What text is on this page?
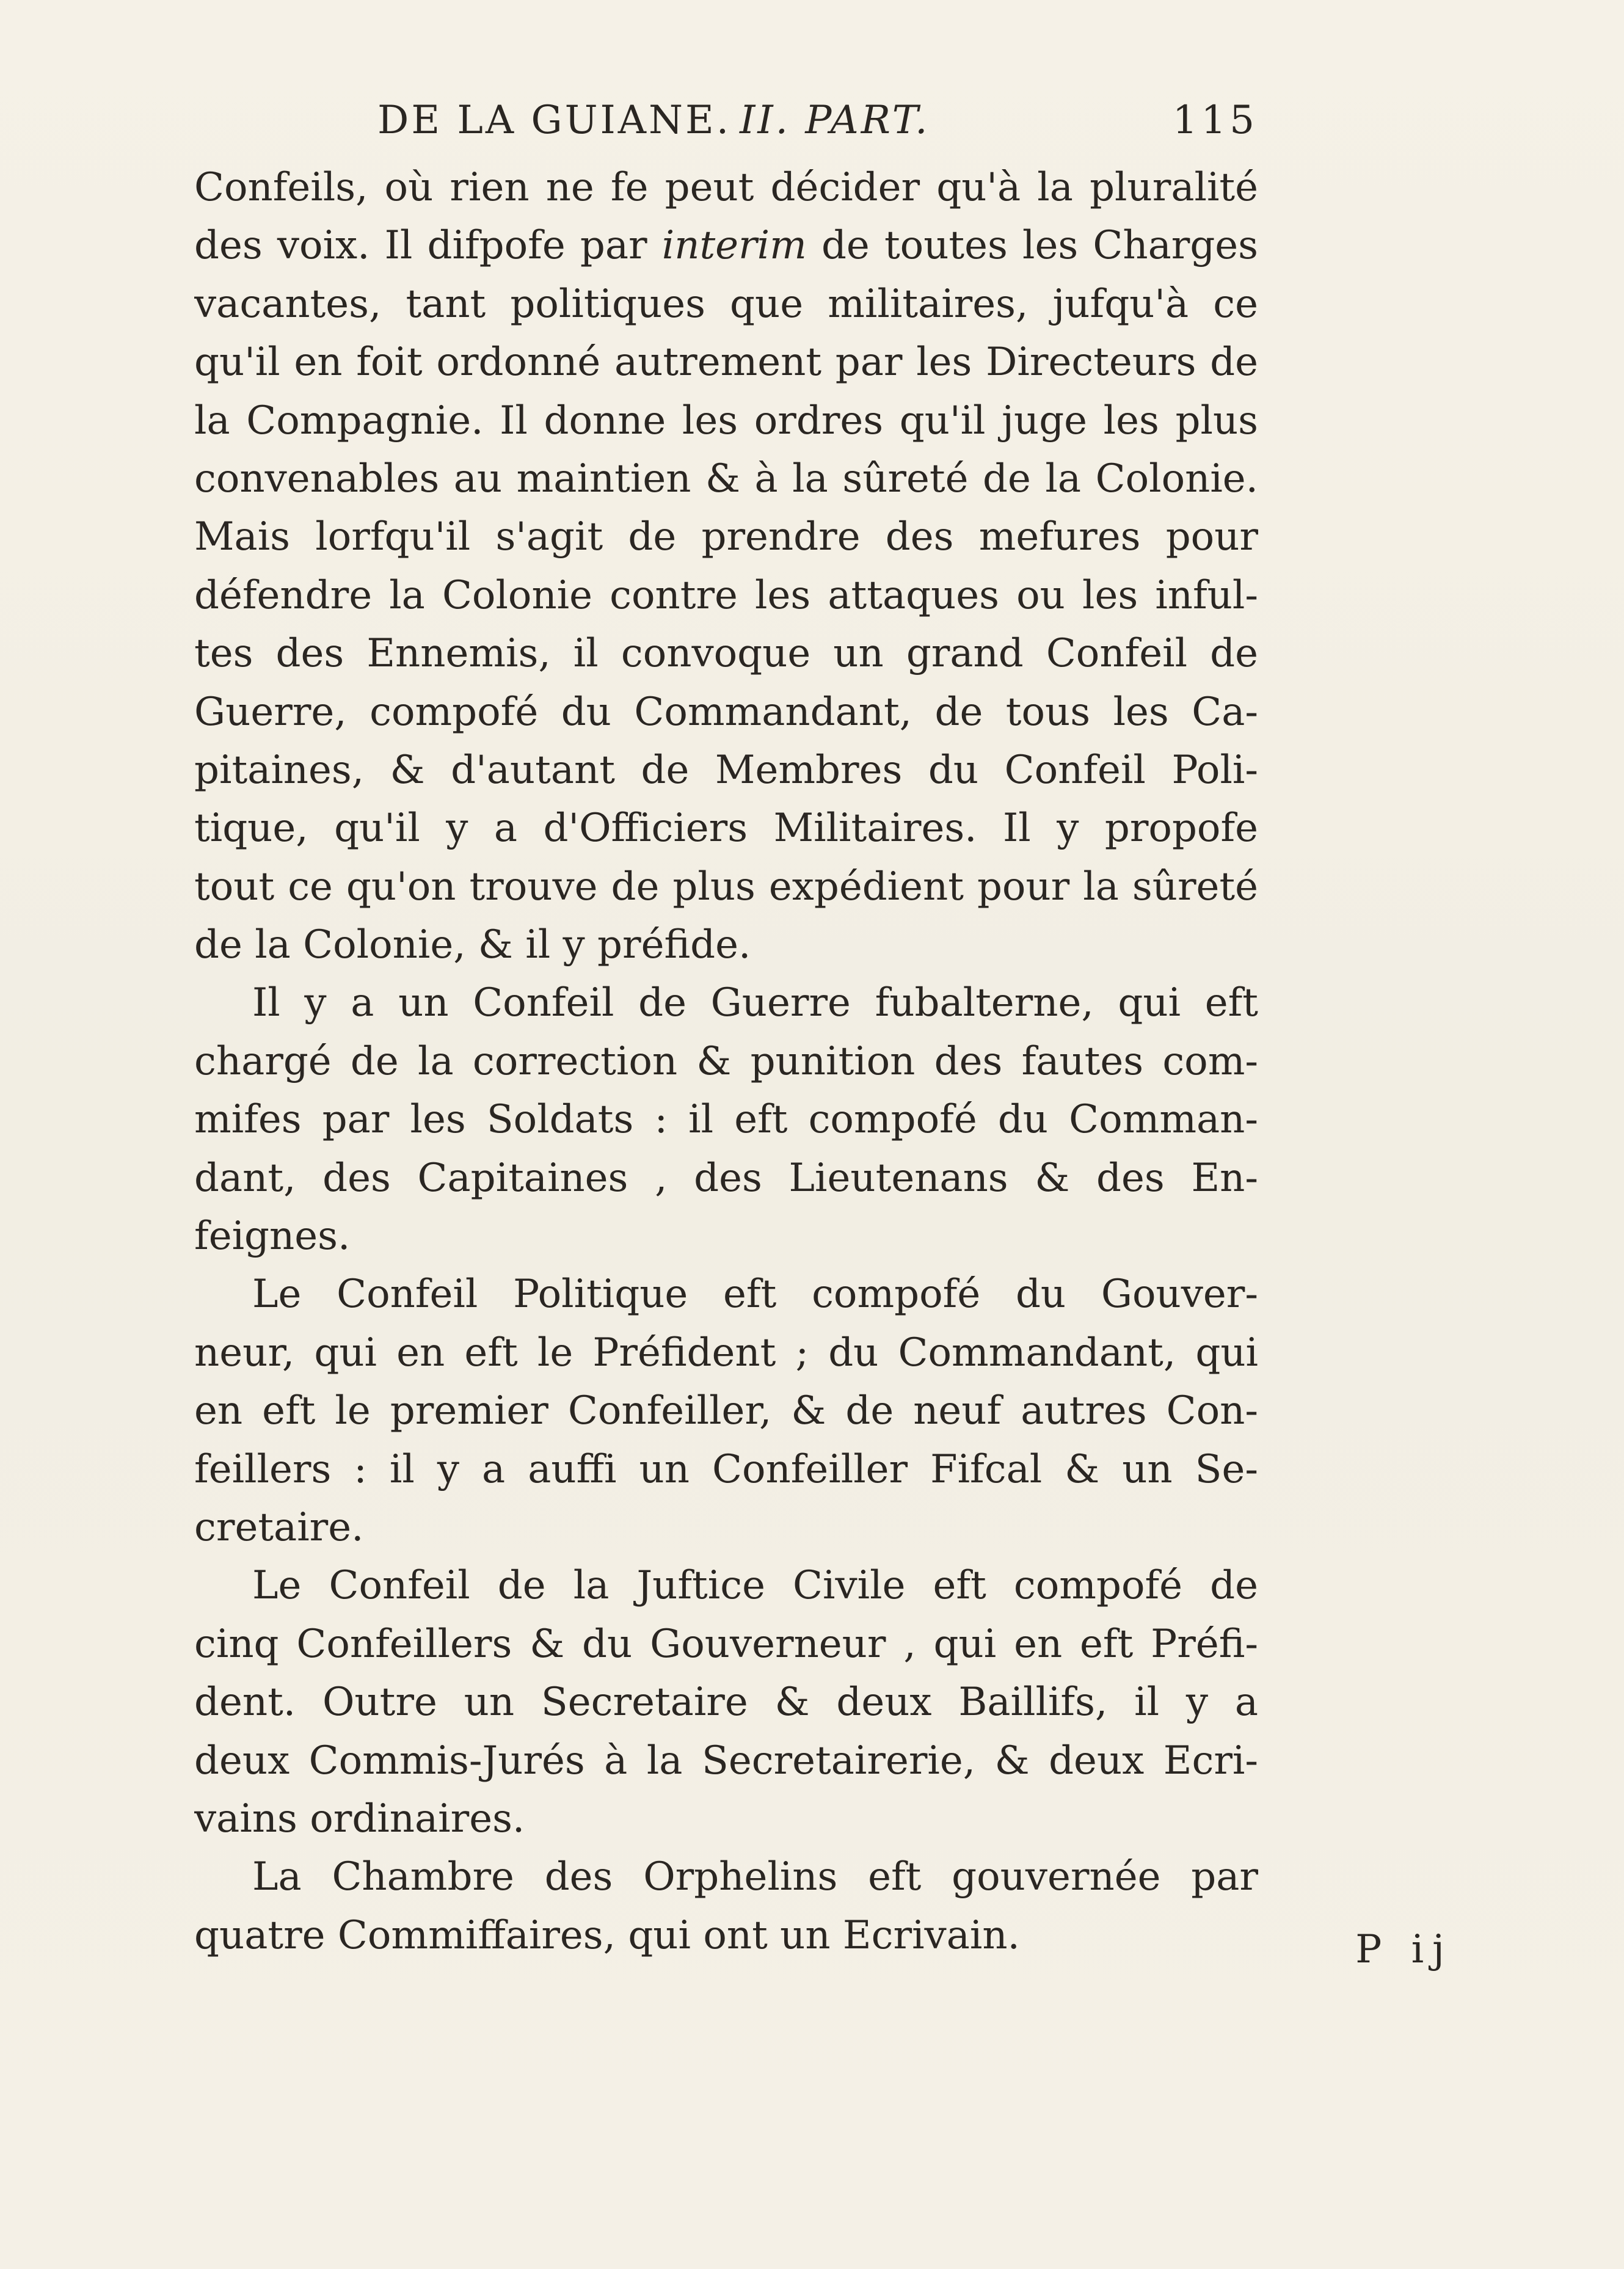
DE LA GUIANE. II. PART.	115
Confeils, où rien ne fe peut décider qu'à la pluralité
des voix. Il difpofe par interim de toutes les Charges
vacantes, tant politiques que militaires, jufqu'à ce
qu'il en foit ordonné autrement par les Directeurs de
la Compagnie. Il donne les ordres qu'il juge les plus
convenables au maintien & à la sûreté de la Colonie.
Mais lorfqu'il s'agit de prendre des mefures pour
défendre la Colonie contre les attaques ou les inful-
tes des Ennemis, il convoque un grand Confeil de
Guerre, compofé du Commandant, de tous les Ca-
pitaines, & d'autant de Membres du Confeil Poli-
tique, qu'il y a d'Officiers Militaires. Il y propofe
tout ce qu'on trouve de plus expédient pour la sûreté
de la Colonie, & il y préfide.
Il y a un Confeil de Guerre fubalterne, qui eft
chargé de la correction & punition des fautes com-
mifes par les Soldats : il eft compofé du Comman-
dant, des Capitaines , des Lieutenans & des En-
feignes.
Le Confeil Politique eft compofé du Gouver-
neur, qui en eft le Préfident ; du Commandant, qui
en eft le premier Confeiller, & de neuf autres Con-
feillers : il y a auffi un Confeiller Fifcal & un Se-
cretaire.
Le Confeil de la Juftice Civile eft compofé de
cinq Confeillers & du Gouverneur , qui en eft Préfi-
dent. Outre un Secretaire & deux Baillifs, il y a
deux Commis-Jurés à la Secretairerie, & deux Ecri-
vains ordinaires.
La Chambre des Orphelins eft gouvernée par
quatre Commiffaires, qui ont un Ecrivain.	P ij
